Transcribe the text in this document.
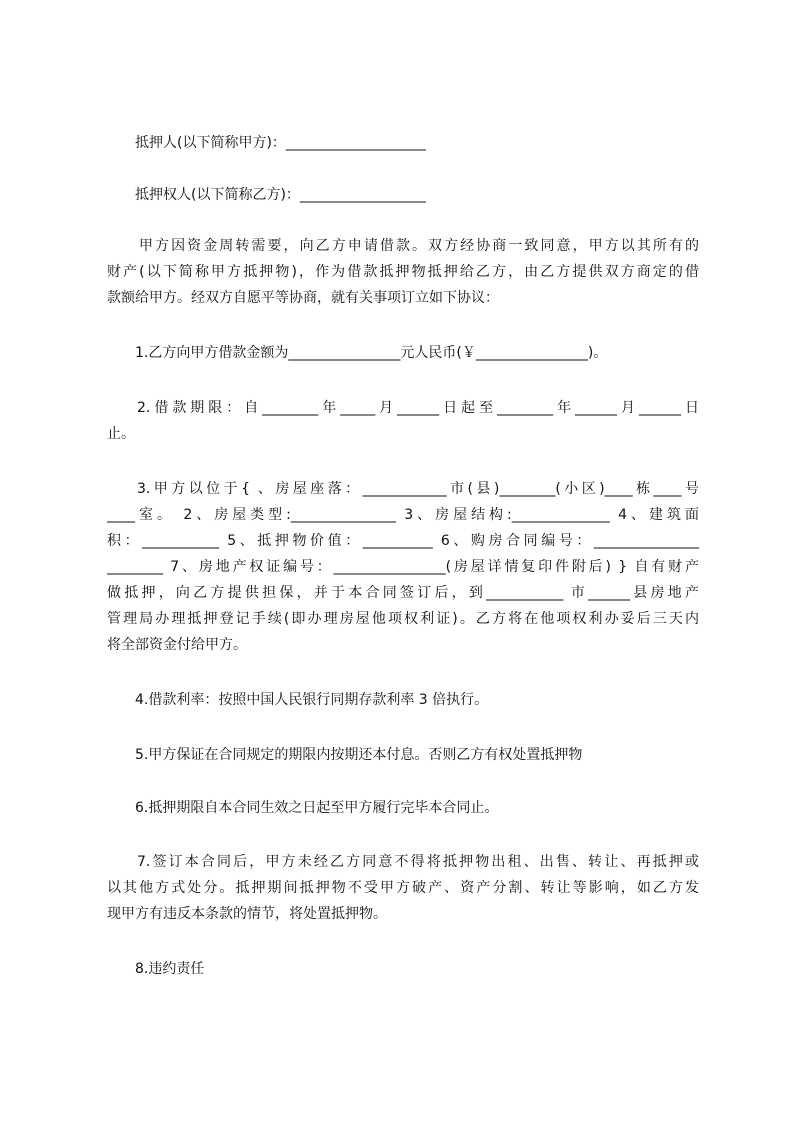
抵押人(以下简称甲方)：____________________
抵押权人(以下简称乙方)：__________________
甲方因资金周转需要，向乙方申请借款。双方经协商一致同意，甲方以其所有的
财产(以下简称甲方抵押物)，作为借款抵押物抵押给乙方，由乙方提供双方商定的借
款额给甲方。经双方自愿平等协商，就有关事项订立如下协议：
1.乙方向甲方借款金额为________________元人民币(￥________________)。
2.借款期限：自________年_____月______日起至________年______月______日
止。
3.甲方以位于{ 、房屋座落：____________市(县)________(小区)____栋____号
____室。 2、房屋类型:_______________ 3、房屋结构:______________ 4、建筑面
积：___________ 5、抵押物价值：__________ 6、购房合同编号：_______________
________ 7、房地产权证编号：________________(房屋详情复印件附后) } 自有财产
做抵押，向乙方提供担保，并于本合同签订后，到___________ 市______县房地产
管理局办理抵押登记手续(即办理房屋他项权利证)。乙方将在他项权利办妥后三天内
将全部资金付给甲方。
4.借款利率：按照中国人民银行同期存款利率 3 倍执行。
5.甲方保证在合同规定的期限内按期还本付息。否则乙方有权处置抵押物
6.抵押期限自本合同生效之日起至甲方履行完毕本合同止。
7.签订本合同后，甲方未经乙方同意不得将抵押物出租、出售、转让、再抵押或
以其他方式处分。抵押期间抵押物不受甲方破产、资产分割、转让等影响，如乙方发
现甲方有违反本条款的情节，将处置抵押物。
8.违约责任
